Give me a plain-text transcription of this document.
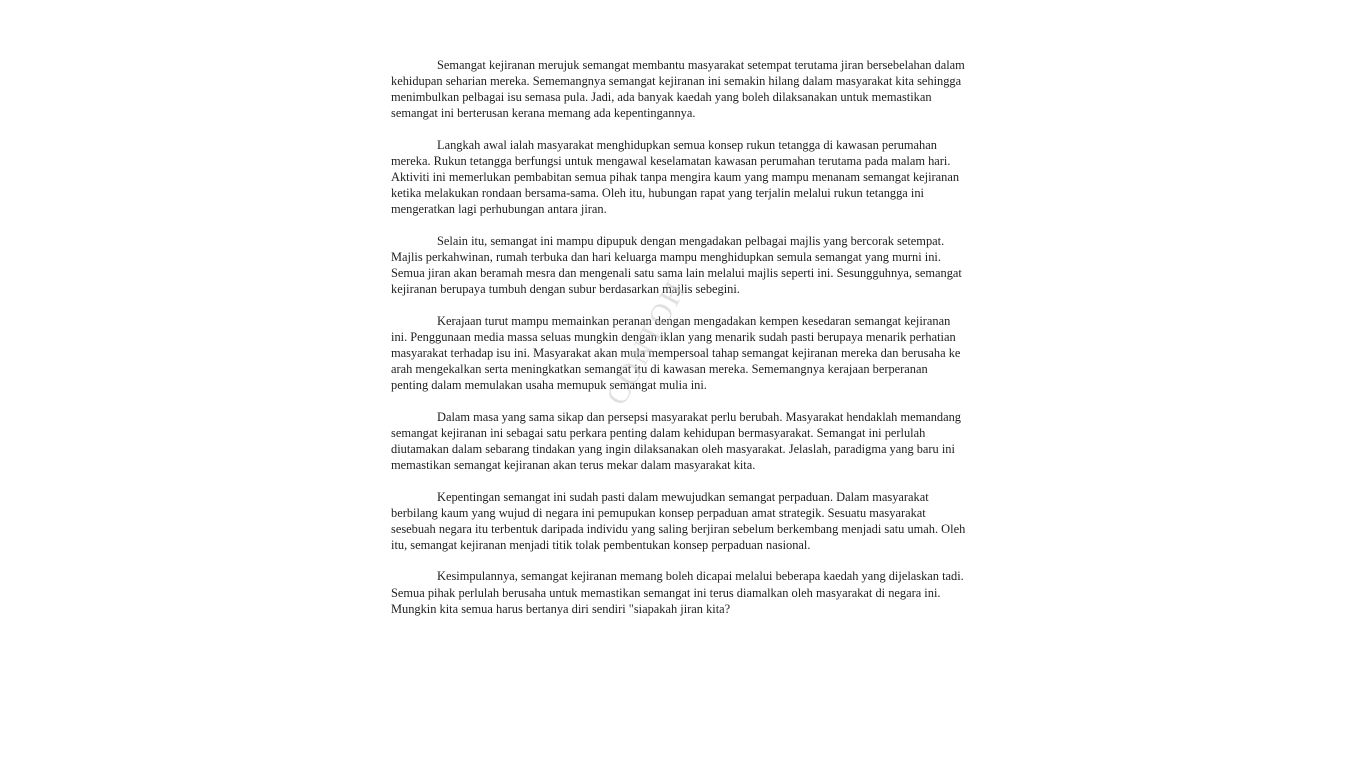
Semangat kejiranan merujuk semangat membantu masyarakat setempat terutama jiran bersebelahan dalam kehidupan seharian mereka. Sememangnya semangat kejiranan ini semakin hilang dalam masyarakat kita sehingga menimbulkan pelbagai isu semasa pula. Jadi, ada banyak kaedah yang boleh dilaksanakan untuk memastikan semangat ini berterusan kerana memang ada kepentingannya.

Langkah awal ialah masyarakat menghidupkan semua konsep rukun tetangga di kawasan perumahan mereka. Rukun tetangga berfungsi untuk mengawal keselamatan kawasan perumahan terutama pada malam hari. Aktiviti ini memerlukan pembabitan semua pihak tanpa mengira kaum yang mampu menanam semangat kejiranan ketika melakukan rondaan bersama-sama. Oleh itu, hubungan rapat yang terjalin melalui rukun tetangga ini mengeratkan lagi perhubungan antara jiran.

Selain itu, semangat ini mampu dipupuk dengan mengadakan pelbagai majlis yang bercorak setempat. Majlis perkahwinan, rumah terbuka dan hari keluarga mampu menghidupkan semula semangat yang murni ini. Semua jiran akan beramah mesra dan mengenali satu sama lain melalui majlis seperti ini. Sesungguhnya, semangat kejiranan berupaya tumbuh dengan subur berdasarkan majlis sebegini.

Kerajaan turut mampu memainkan peranan dengan mengadakan kempen kesedaran semangat kejiranan ini. Penggunaan media massa seluas mungkin dengan iklan yang menarik sudah pasti berupaya menarik perhatian masyarakat terhadap isu ini. Masyarakat akan mula mempersoal tahap semangat kejiranan mereka dan berusaha ke arah mengekalkan serta meningkatkan semangat itu di kawasan mereka. Sememangnya kerajaan berperanan penting dalam memulakan usaha memupuk semangat mulia ini.

Dalam masa yang sama sikap dan persepsi masyarakat perlu berubah. Masyarakat hendaklah memandang semangat kejiranan ini sebagai satu perkara penting dalam kehidupan bermasyarakat. Semangat ini perlulah diutamakan dalam sebarang tindakan yang ingin dilaksanakan oleh masyarakat. Jelaslah, paradigma yang baru ini memastikan semangat kejiranan akan terus mekar dalam masyarakat kita.

Kepentingan semangat ini sudah pasti dalam mewujudkan semangat perpaduan. Dalam masyarakat berbilang kaum yang wujud di negara ini pemupukan konsep perpaduan amat strategik. Sesuatu masyarakat sesebuah negara itu terbentuk daripada individu yang saling berjiran sebelum berkembang menjadi satu umah. Oleh itu, semangat kejiranan menjadi titik tolak pembentukan konsep perpaduan nasional.

Kesimpulannya, semangat kejiranan memang boleh dicapai melalui beberapa kaedah yang dijelaskan tadi. Semua pihak perlulah berusaha untuk memastikan semangat ini terus diamalkan oleh masyarakat di negara ini. Mungkin kita semua harus bertanya diri sendiri "siapakah jiran kita?

CONTOH
